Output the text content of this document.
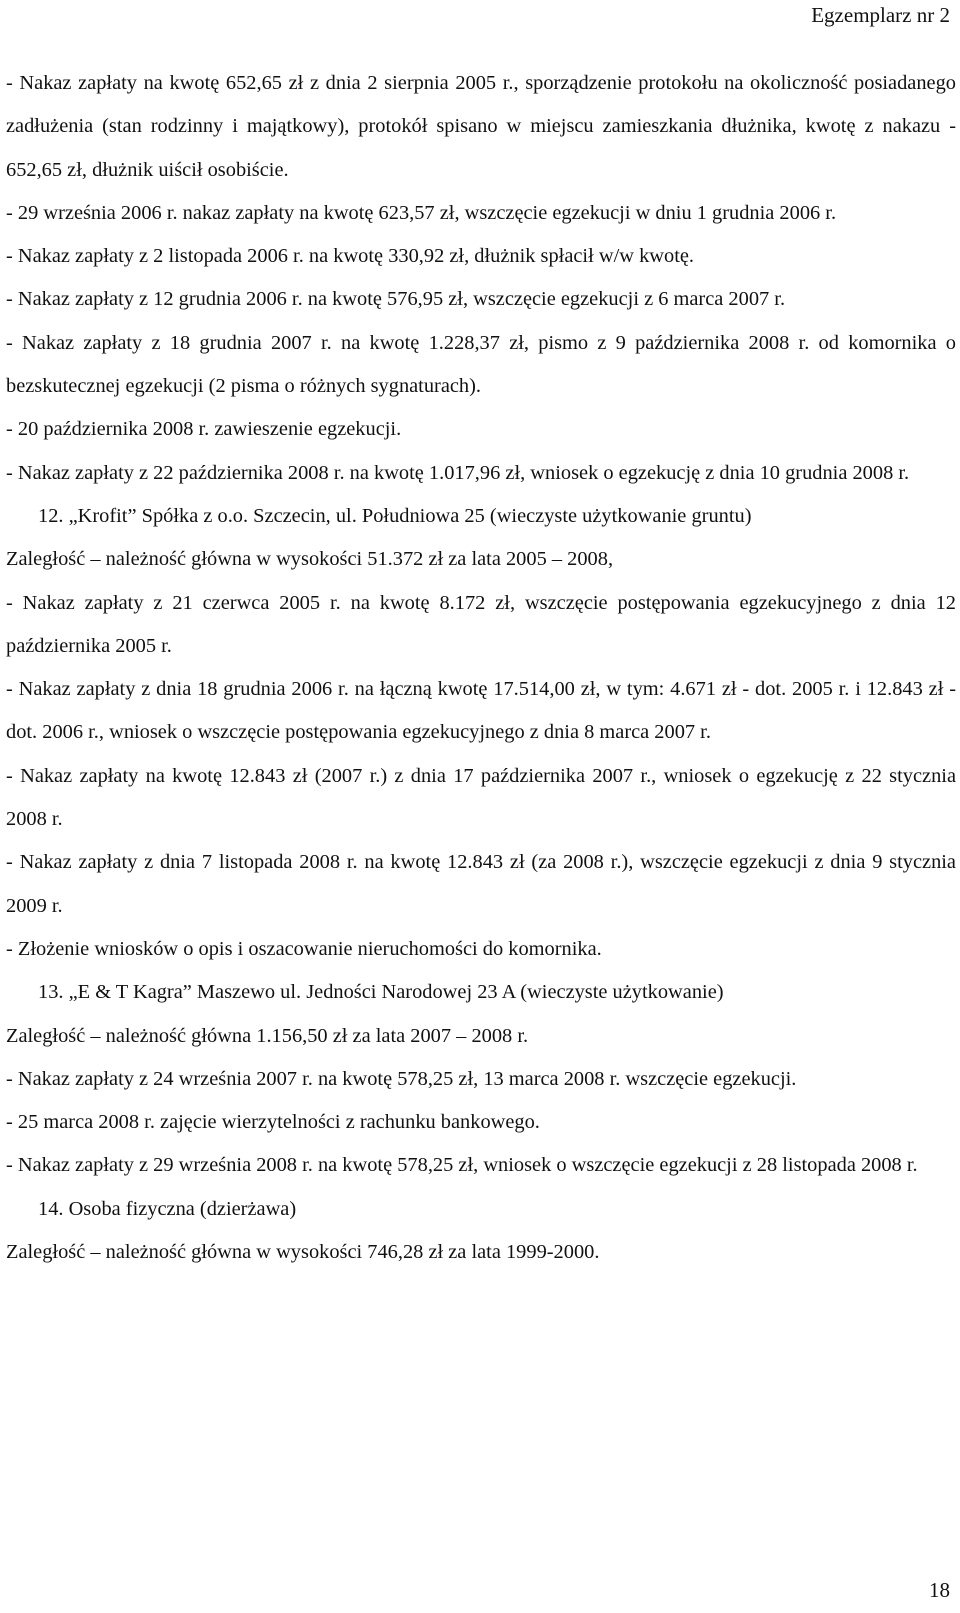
Egzemplarz nr 2

- Nakaz zapłaty na kwotę 652,65 zł z dnia 2 sierpnia 2005 r., sporządzenie protokołu na okoliczność posiadanego zadłużenia (stan rodzinny i majątkowy), protokół spisano w miejscu zamieszkania dłużnika, kwotę z nakazu - 652,65 zł, dłużnik uiścił osobiście.

- 29 września 2006 r. nakaz zapłaty na kwotę 623,57 zł, wszczęcie egzekucji w dniu 1 grudnia 2006 r.

- Nakaz zapłaty z 2 listopada 2006 r. na kwotę 330,92 zł, dłużnik spłacił w/w kwotę.

- Nakaz zapłaty z 12 grudnia 2006 r. na kwotę 576,95 zł, wszczęcie egzekucji z 6 marca 2007 r.

- Nakaz zapłaty z 18 grudnia 2007 r. na kwotę 1.228,37 zł, pismo z 9 października 2008 r. od komornika o bezskutecznej egzekucji (2 pisma o różnych sygnaturach).

- 20 października 2008 r. zawieszenie egzekucji.

- Nakaz zapłaty z 22 października 2008 r. na kwotę 1.017,96 zł, wniosek o egzekucję z dnia 10 grudnia 2008 r.

12. „Krofit” Spółka z o.o. Szczecin, ul. Południowa 25 (wieczyste użytkowanie gruntu)

Zaległość – należność główna w wysokości 51.372 zł za lata 2005 – 2008,

- Nakaz zapłaty z 21 czerwca 2005 r. na kwotę 8.172 zł, wszczęcie postępowania egzekucyjnego z dnia 12 października 2005 r.

- Nakaz zapłaty z dnia 18 grudnia 2006 r. na łączną kwotę 17.514,00 zł, w tym: 4.671 zł - dot. 2005 r. i 12.843 zł - dot. 2006 r., wniosek o wszczęcie postępowania egzekucyjnego z dnia 8 marca 2007 r.

- Nakaz zapłaty na kwotę 12.843 zł (2007 r.) z dnia 17 października 2007 r., wniosek o egzekucję z 22 stycznia 2008 r.

- Nakaz zapłaty z dnia 7 listopada 2008 r. na kwotę 12.843 zł (za 2008 r.), wszczęcie egzekucji z dnia 9 stycznia 2009 r.

- Złożenie wniosków o opis i oszacowanie nieruchomości do komornika.

13. „E & T Kagra” Maszewo ul. Jedności Narodowej 23 A (wieczyste użytkowanie)

Zaległość – należność główna 1.156,50 zł za lata 2007 – 2008 r.

- Nakaz zapłaty z 24 września 2007 r. na kwotę 578,25 zł, 13 marca 2008 r. wszczęcie egzekucji.

- 25 marca 2008 r. zajęcie wierzytelności z rachunku bankowego.

- Nakaz zapłaty z 29 września 2008 r. na kwotę 578,25 zł, wniosek o wszczęcie egzekucji z 28 listopada 2008 r.

14. Osoba fizyczna (dzierżawa)

Zaległość – należność główna w wysokości 746,28 zł za lata 1999-2000.

18
